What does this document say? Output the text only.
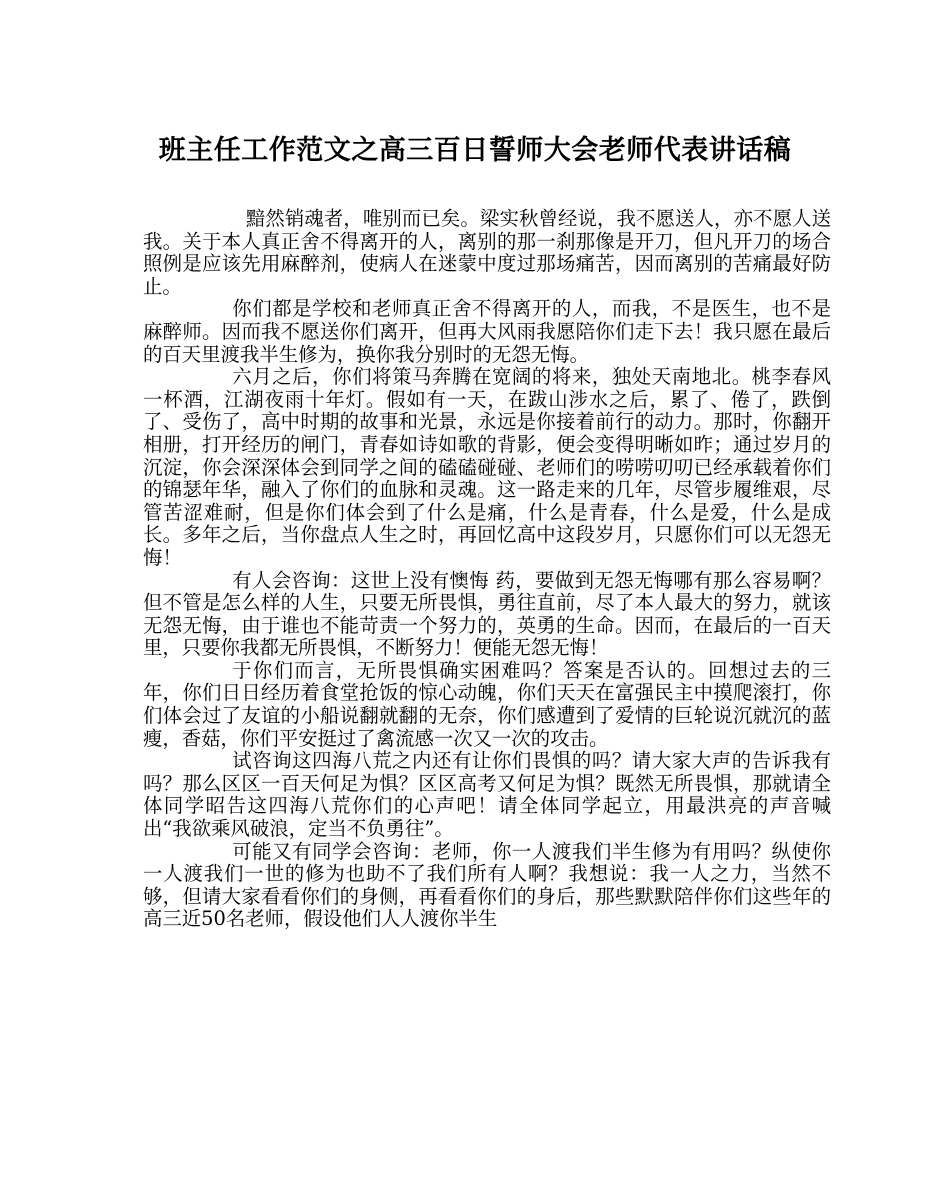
班主任工作范文之高三百日誓师大会老师代表讲话稿

黯然销魂者，唯别而已矣。梁实秋曾经说，我不愿送人，亦不愿人送我。关于本人真正舍不得离开的人，离别的那一刹那像是开刀，但凡开刀的场合照例是应该先用麻醉剂，使病人在迷蒙中度过那场痛苦，因而离别的苦痛最好防止。

你们都是学校和老师真正舍不得离开的人，而我，不是医生，也不是麻醉师。因而我不愿送你们离开，但再大风雨我愿陪你们走下去！我只愿在最后的百天里渡我半生修为，换你我分别时的无怨无悔。

六月之后，你们将策马奔腾在宽阔的将来，独处天南地北。桃李春风一杯酒，江湖夜雨十年灯。假如有一天，在跋山涉水之后，累了、倦了，跌倒了、受伤了，高中时期的故事和光景，永远是你接着前行的动力。那时，你翻开相册，打开经历的闸门，青春如诗如歌的背影，便会变得明晰如昨；通过岁月的沉淀，你会深深体会到同学之间的磕磕碰碰、老师们的唠唠叨叨已经承载着你们的锦瑟年华，融入了你们的血脉和灵魂。这一路走来的几年，尽管步履维艰，尽管苦涩难耐，但是你们体会到了什么是痛，什么是青春，什么是爱，什么是成长。多年之后，当你盘点人生之时，再回忆高中这段岁月，只愿你们可以无怨无悔！

有人会咨询：这世上没有懊悔 药，要做到无怨无悔哪有那么容易啊？但不管是怎么样的人生，只要无所畏惧，勇往直前，尽了本人最大的努力，就该无怨无悔，由于谁也不能苛责一个努力的，英勇的生命。因而，在最后的一百天里，只要你我都无所畏惧，不断努力！便能无怨无悔！

于你们而言，无所畏惧确实困难吗？答案是否认的。回想过去的三年，你们日日经历着食堂抢饭的惊心动魄，你们天天在富强民主中摸爬滚打，你们体会过了友谊的小船说翻就翻的无奈，你们感遭到了爱情的巨轮说沉就沉的蓝瘦，香菇，你们平安挺过了禽流感一次又一次的攻击。

试咨询这四海八荒之内还有让你们畏惧的吗？请大家大声的告诉我有吗？那么区区一百天何足为惧？区区高考又何足为惧？既然无所畏惧，那就请全体同学昭告这四海八荒你们的心声吧！请全体同学起立，用最洪亮的声音喊出“我欲乘风破浪，定当不负勇往”。

可能又有同学会咨询：老师，你一人渡我们半生修为有用吗？纵使你一人渡我们一世的修为也助不了我们所有人啊？我想说：我一人之力，当然不够，但请大家看看你们的身侧，再看看你们的身后，那些默默陪伴你们这些年的高三近50名老师，假设他们人人渡你半生
